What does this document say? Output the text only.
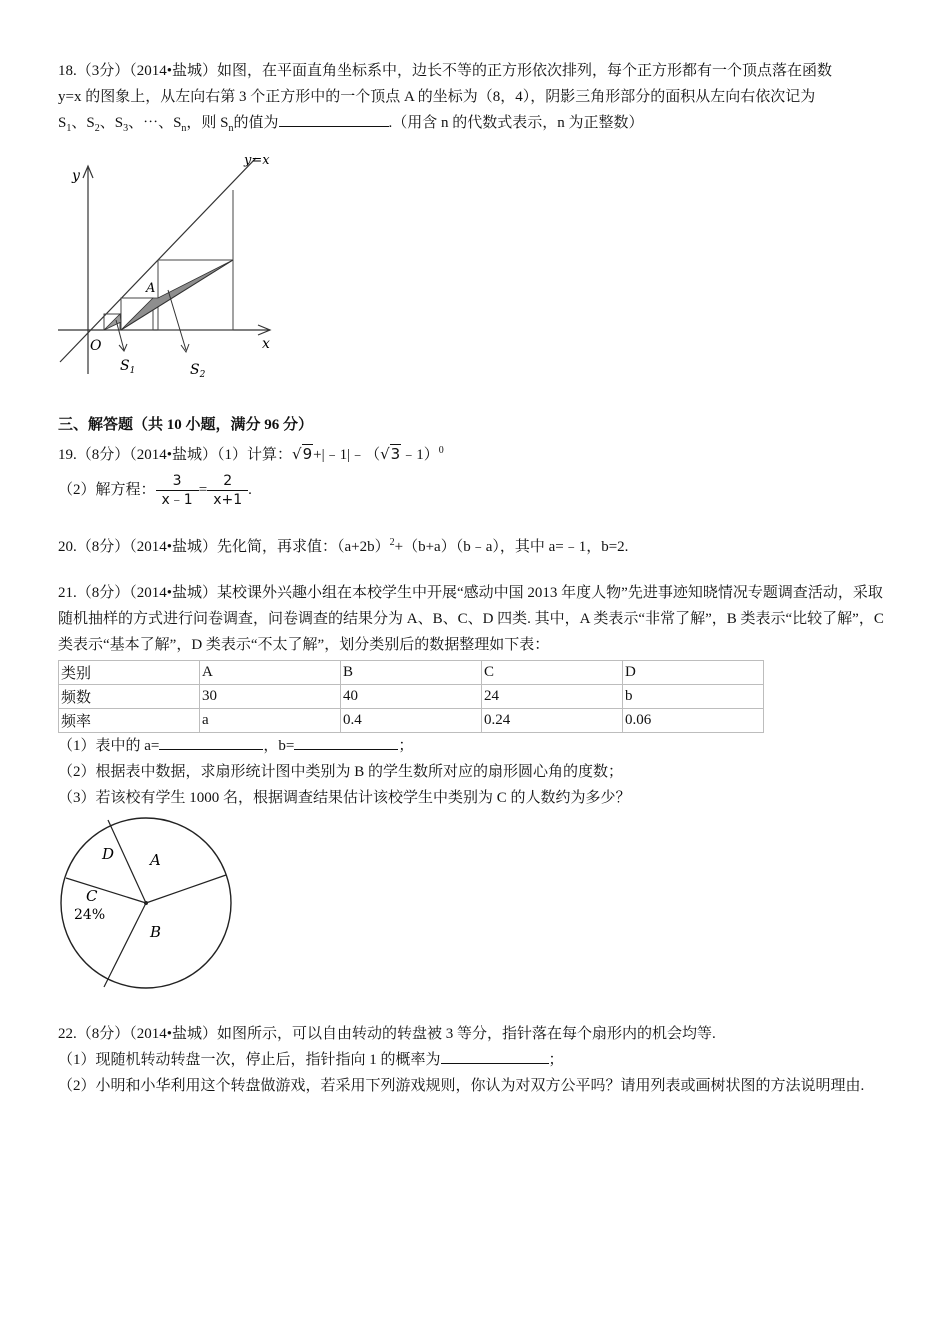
18.（3分）（2014•盐城）如图，在平面直角坐标系中，边长不等的正方形依次排列，每个正方形都有一个顶点落在函数
y=x 的图象上，从左向右第 3 个正方形中的一个顶点 A 的坐标为（8，4），阴影三角形部分的面积从左向右依次记为
$S_1$、$S_2$、$S_3$、⋯、$S_n$，则 $S_n$的值为	.（用含 n 的代数式表示，n 为正整数）
y
x
y=x
O
A
$S_1$	$S_2$
三、解答题（共 10 小题，满分 96 分）
19.（8分）（2014•盐城）（1）计算：√9+|﹣1|﹣（√3﹣1）$^0$
（2）解方程： $\frac{3}{x﹣1} = \frac{2}{x+1}$ .
20.（8分）（2014•盐城）先化简，再求值：$(a+2b)^2+(b+a)(b﹣a)$，其中 a=﹣1，b=2.
21.（8分）（2014•盐城）某校课外兴趣小组在本校学生中开展“感动中国 2013 年度人物”先进事迹知晓情况专题调查活动，采取随机抽样的方式进行问卷调查，问卷调查的结果分为 A、B、C、D 四类. 其中，A 类表示“非常了解”，B 类表示“比较了解”，C 类表示“基本了解”，D 类表示“不太了解”，划分类别后的数据整理如下表：
类别	A	B	C	D
频数	30	40	24	b
频率	a	0.4	0.24	0.06
（1）表中的 a=	，b=	；
（2）根据表中数据，求扇形统计图中类别为 B 的学生数所对应的扇形圆心角的度数；
（3）若该校有学生 1000 名，根据调查结果估计该校学生中类别为 C 的人数约为多少？
A
B
C
24%
D
22.（8分）（2014•盐城）如图所示，可以自由转动的转盘被 3 等分，指针落在每个扇形内的机会均等.
（1）现随机转动转盘一次，停止后，指针指向 1 的概率为	；
（2）小明和小华利用这个转盘做游戏，若采用下列游戏规则，你认为对双方公平吗？请用列表或画树状图的方法说明理由.
